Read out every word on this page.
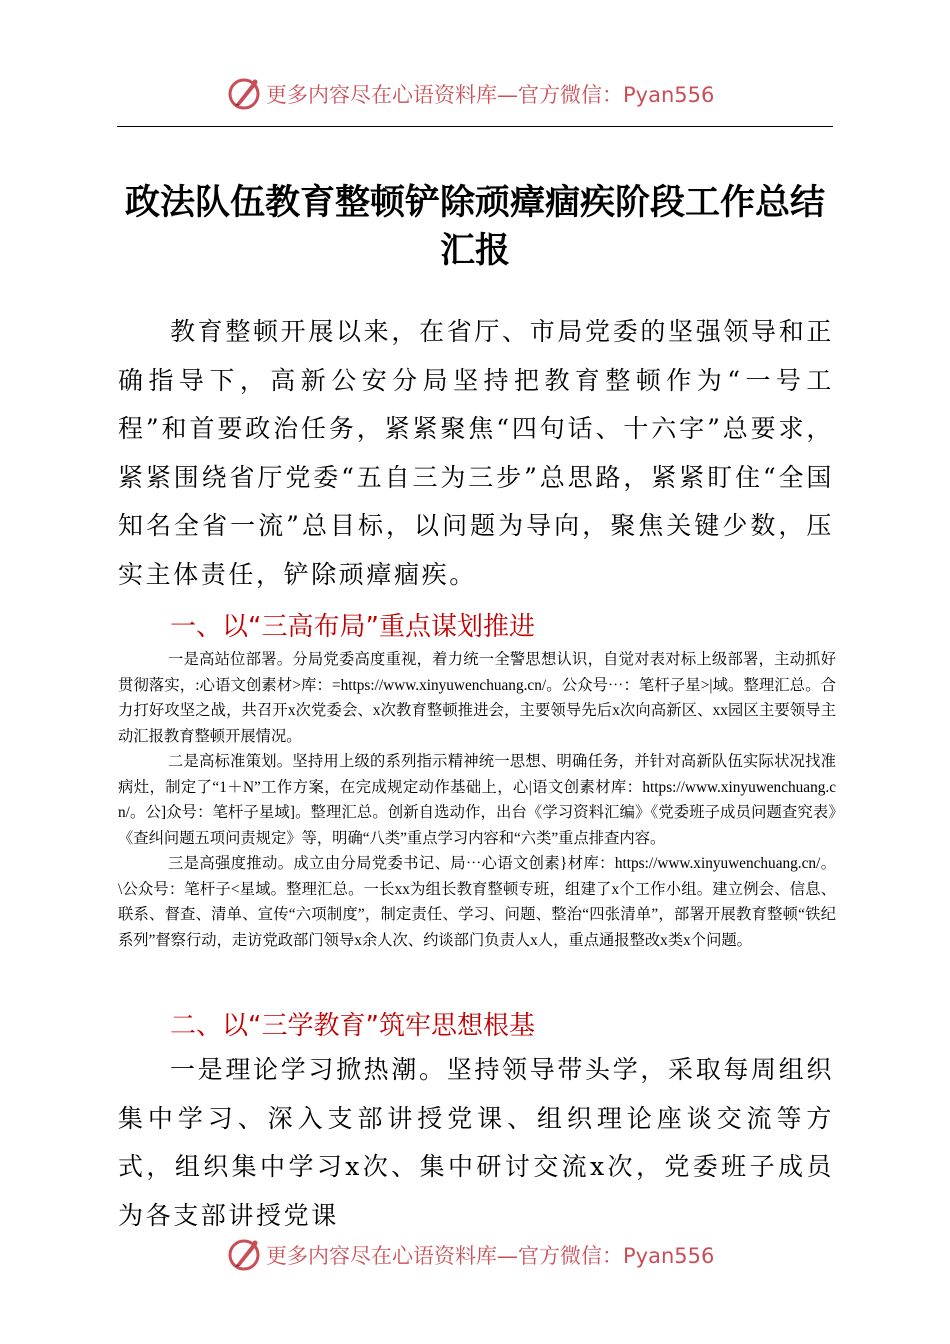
更多内容尽在心语资料库—官方微信：Pyan556
政法队伍教育整顿铲除顽瘴痼疾阶段工作总结
汇报

教育整顿开展以来，在省厅、市局党委的坚强领导和正确指导下，高新公安分局坚持把教育整顿作为“一号工程”和首要政治任务，紧紧聚焦“四句话、十六字”总要求，紧紧围绕省厅党委“五自三为三步”总思路，紧紧盯住“全国知名全省一流”总目标，以问题为导向，聚焦关键少数，压实主体责任，铲除顽瘴痼疾。

一、以“三高布局”重点谋划推进

一是高站位部署。分局党委高度重视，着力统一全警思想认识，自觉对表对标上级部署，主动抓好贯彻落实，:心语文创素材>库：=https://www.xinyuwenchuang.cn/。公众号⋯：笔杆子星>|域。整理汇总。合力打好攻坚之战，共召开x次党委会、x次教育整顿推进会，主要领导先后x次向高新区、xx园区主要领导主动汇报教育整顿开展情况。

二是高标准策划。坚持用上级的系列指示精神统一思想、明确任务，并针对高新队伍实际状况找准病灶，制定了“1＋N”工作方案，在完成规定动作基础上，心|语文创素材库：https://www.xinyuwenchuang.cn/。公]众号：笔杆子星域]。整理汇总。创新自选动作，出台《学习资料汇编》《党委班子成员问题查究表》《查纠问题五项问责规定》等，明确“八类”重点学习内容和“六类”重点排查内容。

三是高强度推动。成立由分局党委书记、局⋯心语文创素}材库：https://www.xinyuwenchuang.cn/。\公众号：笔杆子<星域。整理汇总。一长xx为组长教育整顿专班，组建了x个工作小组。建立例会、信息、联系、督查、清单、宣传“六项制度”，制定责任、学习、问题、整治“四张清单”，部署开展教育整顿“铁纪系列”督察行动，走访党政部门领导x余人次、约谈部门负责人x人，重点通报整改x类x个问题。

二、以“三学教育”筑牢思想根基

一是理论学习掀热潮。坚持领导带头学，采取每周组织集中学习、深入支部讲授党课、组织理论座谈交流等方式，组织集中学习x次、集中研讨交流x次，党委班子成员为各支部讲授党课

更多内容尽在心语资料库—官方微信：Pyan556
